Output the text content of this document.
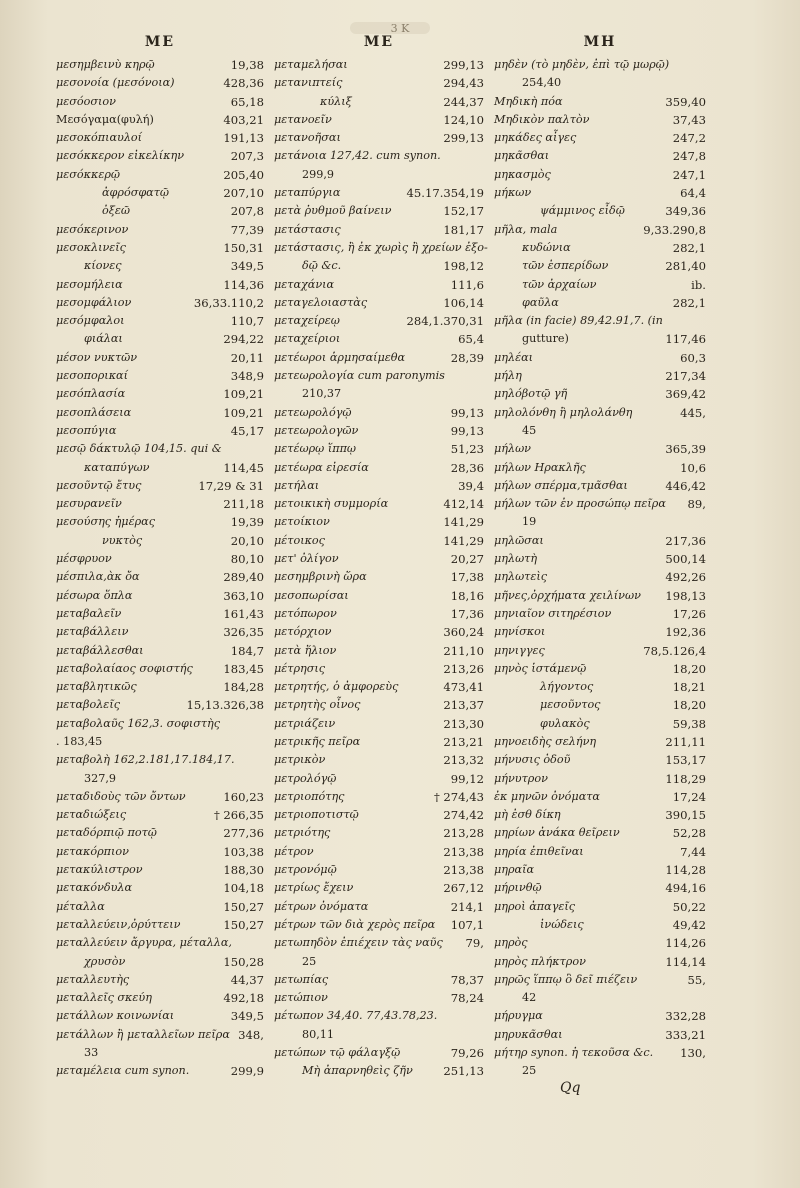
3 K
ΜΕ
μεσημβεινὺ κηρῷ	19,38
μεσονοία (μεσόνοια)	428,36
μεσόοσιον	65,18
Μεσόγαμα(φυλή)	403,21
μεσοκόπιαυλοί	191,13
μεσόκκερον εἰκελίκην	207,3
μεσόκκερῷ	205,40
ἀφρόσφατῷ	207,10
ὀξεῶ	207,8
μεσόκερινον	77,39
μεσοκλινεῖς	150,31
κίονες	349,5
μεσομήλεια	114,36
μεσομφάλιον	36,33.110,2
μεσόμφαλοι	110,7
φιάλαι	294,22
μέσον νυκτῶν	20,11
μεσοπορικαί	348,9
μεσόπλασία	109,21
μεσοπλάσεια	109,21
μεσοπύγια	45,17
μεσῷ δάκτυλῷ 104,15. qui &
καταπύγων	114,45
μεσοῦντῷ ἔτυς	17,29 & 31
μεσυρανεῖν	211,18
μεσούσης ἡμέρας	19,39
νυκτὸς	20,10
μέσφρυον	80,10
μέσπιλα,ὰκ ὄα	289,40
μέσωρα ὅπλα	363,10
μεταβαλεῖν	161,43
μεταβάλλειν	326,35
μεταβάλλεσθαι	184,7
μεταβολαίαος σοφιστής	183,45
μεταβλητικῶς	184,28
μεταβολεῖς	15,13.326,38
μεταβολαῦς 162,3. σοφιστὴς
. 183,45
μεταβολὴ 162,2.181,17.184,17.
327,9
μεταδιδοὺς τῶν ὄντων	160,23
μεταδιώξεις	† 266,35
μεταδόρπιῷ ποτῷ	277,36
μετακόρπιον	103,38
μετακύλιστρον	188,30
μετακόνδυλα	104,18
μέταλλα	150,27
μεταλλεύειν,ὀρύττειν	150,27
μεταλλεύειν ἄργυρα, μέταλλα,
χρυσὸν	150,28
μεταλλευτὴς	44,37
μεταλλεῖς σκεύη	492,18
μετάλλων κοινωνίαι	349,5
μετάλλων ἢ μεταλλεῖων πεῖρα 348,
33
μεταμέλεια cum synon.	299,9
ΜΕ
μεταμελήσαι	299,13
μετανιπτείς	294,43
κύλιξ	244,37
μετανοεῖν	124,10
μετανοῆσαι	299,13
μετάνοια 127,42. cum synon.
299,9
μεταπύργια	45.17.354,19
μετὰ ῥυθμοῦ βαίνειν	152,17
μετάστασις	181,17
μετάστασις, ἢ ἐκ χωρὶς ἢ χρείων ἐξο-
δῷ &c.	198,12
μεταχάνια	111,6
μεταγελοιαστὰς	106,14
μεταχείρεῳ	284,1.370,31
μεταχείριοι	65,4
μετέωροι ἁρμησαίμεθα	28,39
μετεωρολογία cum paronymis
210,37
μετεωρολόγῷ	99,13
μετεωρολογῶν	99,13
μετέωρῳ ἵππῳ	51,23
μετέωρα εἰρεσία	28,36
μετήλαι	39,4
μετοικικὴ συμμορία	412,14
μετοίκιον	141,29
μέτοικος	141,29
μετ' ὀλίγον	20,27
μεσημβρινὴ ὥρα	17,38
μεσοπωρίσαι	18,16
μετόπωρον	17,36
μετόρχιον	360,24
μετὰ ἥλιον	211,10
μέτρησις	213,26
μετρητής, ὁ ἀμφορεὺς	473,41
μετρητὴς οἶνος	213,37
μετριάζειν	213,30
μετρικῆς πεῖρα	213,21
μετρικὸν	213,32
μετρολόγῷ	99,12
μετριοπότης	† 274,43
μετριοποτιστῷ	274,42
μετριότης	213,28
μέτρον	213,38
μετρονόμῷ	213,38
μετρίως ἔχειν	267,12
μέτρων ὀνόματα	214,1
μέτρων τῶν διὰ χερὸς πεῖρα 107,1
μετωπηδὸν ἐπιέχειν τὰς ναῦς 79,
25
μετωπίας	78,37
μετώπιον	78,24
μέτωπον 34,40. 77,43.78,23.
80,11
μετώπων τῷ φάλαγξῷ	79,26
Μὴ ἀπαρνηθεὶς ζῆν	251,13
ΜΗ
μηδὲν (τὸ μηδὲν, ἐπὶ τῷ μωρῷ)
254,40
Μηδικὴ πόα	359,40
Μηδικὸν παλτὸν	37,43
μηκάδες αἶγες	247,2
μηκᾶσθαι	247,8
μηκασμὸς	247,1
μήκων	64,4
ψάμμινος εἶδῷ	349,36
μῆλα, mala	9,33.290,8
κυδώνια	282,1
τῶν ἑσπερίδων	281,40
τῶν ἀρχαίων	ib.
φαῦλα	282,1
μῆλα (in facie) 89,42.91,7. (in
gutture)	117,46
μηλέαι	60,3
μήλη	217,34
μηλόβοτῷ γῆ	369,42
μηλολόνθη ἢ μηλολάνθη	445,
45
μήλων	365,39
μήλων Ηρακλῆς	10,6
μήλων σπέρμα,τμᾶσθαι	446,42
μήλων τῶν ἐν προσώπῳ πεῖρα 89,
19
μηλῶσαι	217,36
μηλωτὴ	500,14
μηλωτεὶς	492,26
μῆνες,ὀρχήματα χειλίνων 198,13
μηνιαῖον σιτηρέσιον	17,26
μηνίσκοι	192,36
μηνιγγες	78,5.126,4
μηνὸς ἱστάμενῷ	18,20
λήγοντος	18,21
μεσοῦντος	18,20
φυλακὸς	59,38
μηνοειδὴς σελήνη	211,11
μήνυσις ὁδοῦ	153,17
μήνυτρον	118,29
ἐκ μηνῶν ὀνόματα	17,24
μὴ ἐσθ δίκη	390,15
μηρίων ἀνάκα θεῖρειν	52,28
μηρία ἐπιθεῖναι	7,44
μηραῖα	114,28
μήρινθῷ	494,16
μηροὶ ἀπαγεῖς	50,22
ἰνώδεις	49,42
μηρὸς	114,26
μηρὸς πλήκτρον	114,14
μηρῶς ἵππῳ ὃ δεῖ πιέζειν	55,
42
μήρυγμα	332,28
μηρυκᾶσθαι	333,21
μήτηρ synon. ἡ τεκοῦσα &c. 130,
25
Qq
